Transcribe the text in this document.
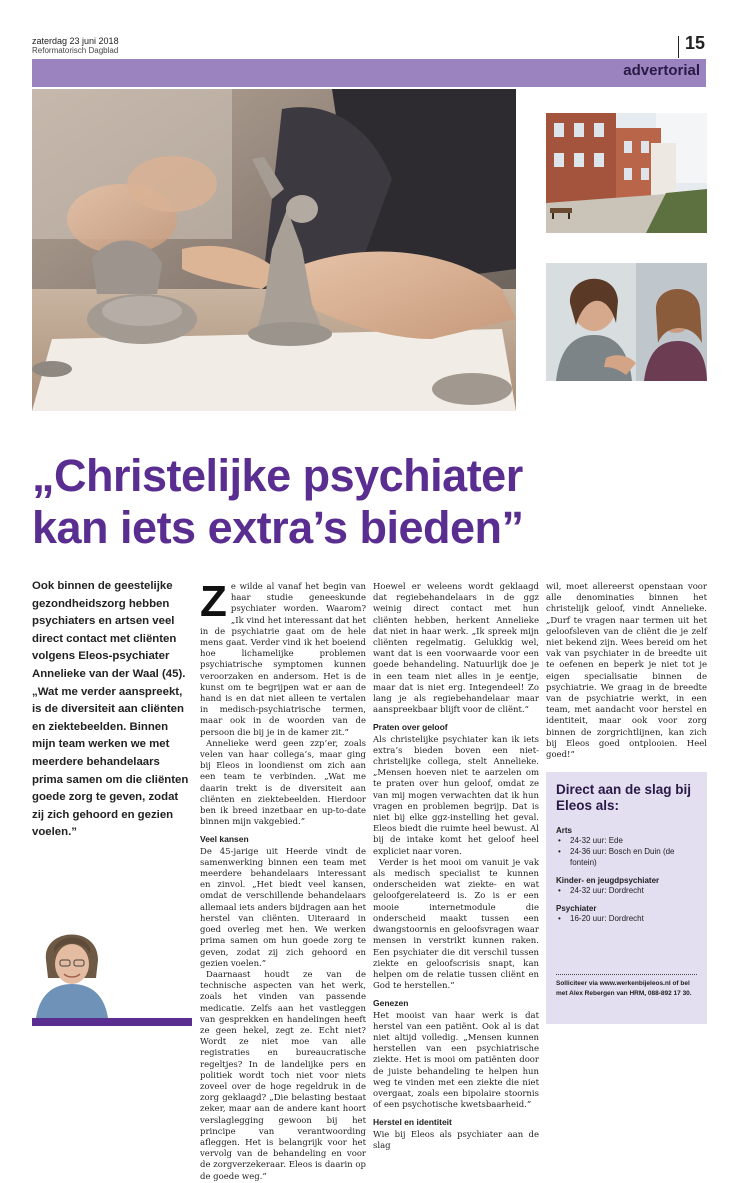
zaterdag 23 juni 2018
Reformatorisch Dagblad	15
advertorial
„Christelijke psychiater
kan iets extra’s bieden”
Ook binnen de geestelijke gezondheidszorg hebben psychiaters en artsen veel direct contact met cliënten volgens Eleos-psychiater Annelieke van der Waal (45). „Wat me verder aanspreekt, is de diversiteit aan cliënten en ziektebeelden. Binnen mijn team werken we met meerdere behandelaars prima samen om die cliënten goede zorg te geven, zodat zij zich gehoord en gezien voelen.”

Ze wilde al vanaf het begin van haar studie geneeskunde psychiater worden. Waarom? „Ik vind het interessant dat het in de psychiatrie gaat om de hele mens gaat. Verder vind ik het boeiend hoe lichamelijke problemen psychiatrische symptomen kunnen veroorzaken en andersom. Het is de kunst om te begrijpen wat er aan de hand is en dat niet alleen te vertalen in medisch-psychiatrische termen, maar ook in de woorden van de persoon die bij je in de kamer zit.”

Annelieke werd geen zzp’er, zoals velen van haar collega’s, maar ging bij Eleos in loondienst om zich aan een team te verbinden. „Wat me daarin trekt is de diversiteit aan cliënten en ziektebeelden. Hierdoor ben ik breed inzetbaar en up-to-date binnen mijn vakgebied.”

Veel kansen

De 45-jarige uit Heerde vindt de samenwerking binnen een team met meerdere behandelaars interessant en zinvol. „Het biedt veel kansen, omdat de verschillende behandelaars allemaal iets anders bijdragen aan het herstel van cliënten. Uiteraard in goed overleg met hen. We werken prima samen om hun goede zorg te geven, zodat zij zich gehoord en gezien voelen.”

Daarnaast houdt ze van de technische aspecten van het werk, zoals het vinden van passende medicatie. Zelfs aan het vastleggen van gesprekken en handelingen heeft ze geen hekel, zegt ze. Echt niet? Wordt ze niet moe van alle registraties en bureaucratische regeltjes? In de landelijke pers en politiek wordt toch niet voor niets zoveel over de hoge regeldruk in de zorg geklaagd? „Die belasting bestaat zeker, maar aan de andere kant hoort verslaglegging gewoon bij het principe van verantwoording afleggen. Het is belangrijk voor het vervolg van de behandeling en voor de zorgverzekeraar. Eleos is daarin op de goede weg.”

Hoewel er weleens wordt geklaagd dat regiebehandelaars in de ggz weinig direct contact met hun cliënten hebben, herkent Annelieke dat niet in haar werk. „Ik spreek mijn cliënten regelmatig. Gelukkig wel, want dat is een voorwaarde voor een goede behandeling. Natuurlijk doe je in een team niet alles in je eentje, maar dat is niet erg. Integendeel! Zo lang je als regiebehandelaar maar aanspreekbaar blijft voor de cliënt.”

Praten over geloof

Als christelijke psychiater kan ik iets extra’s bieden boven een niet-christelijke collega, stelt Annelieke. „Mensen hoeven niet te aarzelen om te praten over hun geloof, omdat ze van mij mogen verwachten dat ik hun vragen en problemen begrijp. Dat is niet bij elke ggz-instelling het geval. Eleos biedt die ruimte heel bewust. Al bij de intake komt het geloof heel expliciet naar voren.

Verder is het mooi om vanuit je vak als medisch specialist te kunnen onderscheiden wat ziekte- en wat geloofgerelateerd is. Zo is er een mooie internetmodule die onderscheid maakt tussen een dwangstoornis en geloofsvragen waar mensen in verstrikt kunnen raken. Een psychiater die dit verschil tussen ziekte en geloofscrisis snapt, kan helpen om de relatie tussen cliënt en God te herstellen.”

Genezen

Het mooist van haar werk is dat herstel van een patiënt. Ook al is dat niet altijd volledig. „Mensen kunnen herstellen van een psychiatrische ziekte. Het is mooi om patiënten door de juiste behandeling te helpen hun weg te vinden met een ziekte die niet overgaat, zoals een bipolaire stoornis of een psychotische kwetsbaarheid.”

Herstel en identiteit

Wie bij Eleos als psychiater aan de slag

wil, moet allereerst openstaan voor alle denominaties binnen het christelijk geloof, vindt Annelieke. „Durf te vragen naar termen uit het geloofsleven van de cliënt die je zelf niet bekend zijn. Wees bereid om het vak van psychiater in de breedte uit te oefenen en beperk je niet tot je eigen specialisatie binnen de psychiatrie. We graag in de breedte van de psychiatrie werkt, in een team, met aandacht voor herstel en identiteit, maar ook voor zorg binnen de zorgrichtlijnen, kan zich bij Eleos goed ontplooien. Heel goed!”

Direct aan de slag bij Eleos als:
Arts
• 24-32 uur: Ede
• 24-36 uur: Bosch en Duin (de fontein)
Kinder- en jeugdpsychiater
• 24-32 uur: Dordrecht
Psychiater
• 16-20 uur: Dordrecht
Solliciteer via www.werkenbijeleos.nl of bel met Alex Rebergen van HRM, 088-892 17 30.
